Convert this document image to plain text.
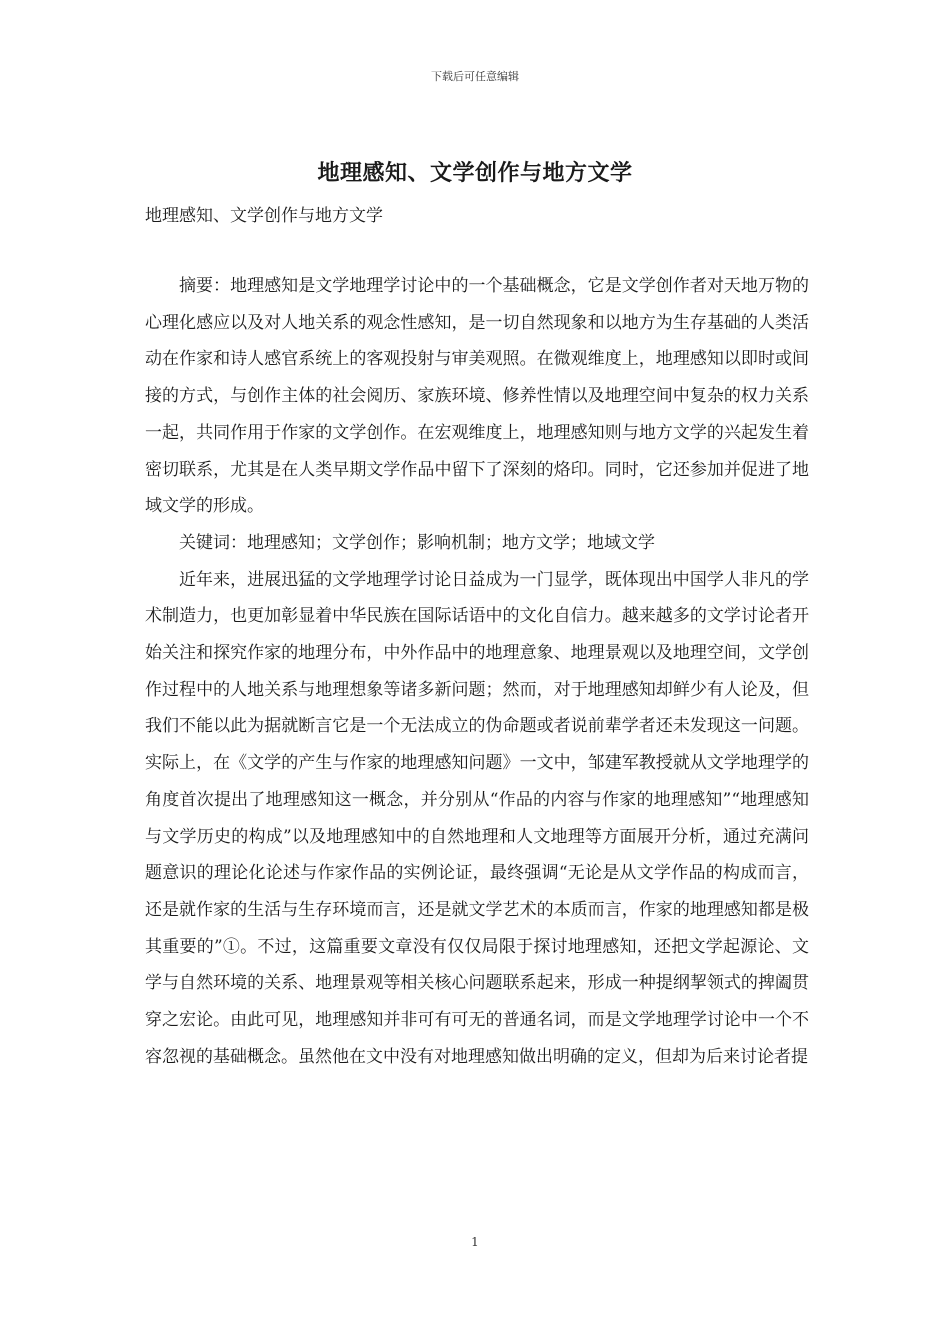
下载后可任意编辑
地理感知、文学创作与地方文学
地理感知、文学创作与地方文学

摘要：地理感知是文学地理学讨论中的一个基础概念，它是文学创作者对天地万物的心理化感应以及对人地关系的观念性感知，是一切自然现象和以地方为生存基础的人类活动在作家和诗人感官系统上的客观投射与审美观照。在微观维度上，地理感知以即时或间接的方式，与创作主体的社会阅历、家族环境、修养性情以及地理空间中复杂的权力关系一起，共同作用于作家的文学创作。在宏观维度上，地理感知则与地方文学的兴起发生着密切联系，尤其是在人类早期文学作品中留下了深刻的烙印。同时，它还参加并促进了地域文学的形成。

关键词：地理感知；文学创作；影响机制；地方文学；地域文学

近年来，进展迅猛的文学地理学讨论日益成为一门显学，既体现出中国学人非凡的学术制造力，也更加彰显着中华民族在国际话语中的文化自信力。越来越多的文学讨论者开始关注和探究作家的地理分布，中外作品中的地理意象、地理景观以及地理空间，文学创作过程中的人地关系与地理想象等诸多新问题；然而，对于地理感知却鲜少有人论及，但我们不能以此为据就断言它是一个无法成立的伪命题或者说前辈学者还未发现这一问题。实际上，在《文学的产生与作家的地理感知问题》一文中，邹建军教授就从文学地理学的角度首次提出了地理感知这一概念，并分别从“作品的内容与作家的地理感知”“地理感知与文学历史的构成”以及地理感知中的自然地理和人文地理等方面展开分析，通过充满问题意识的理论化论述与作家作品的实例论证，最终强调“无论是从文学作品的构成而言，还是就作家的生活与生存环境而言，还是就文学艺术的本质而言，作家的地理感知都是极其重要的”①。不过，这篇重要文章没有仅仅局限于探讨地理感知，还把文学起源论、文学与自然环境的关系、地理景观等相关核心问题联系起来，形成一种提纲挈领式的捭阖贯穿之宏论。由此可见，地理感知并非可有可无的普通名词，而是文学地理学讨论中一个不容忽视的基础概念。虽然他在文中没有对地理感知做出明确的定义，但却为后来讨论者提

1
